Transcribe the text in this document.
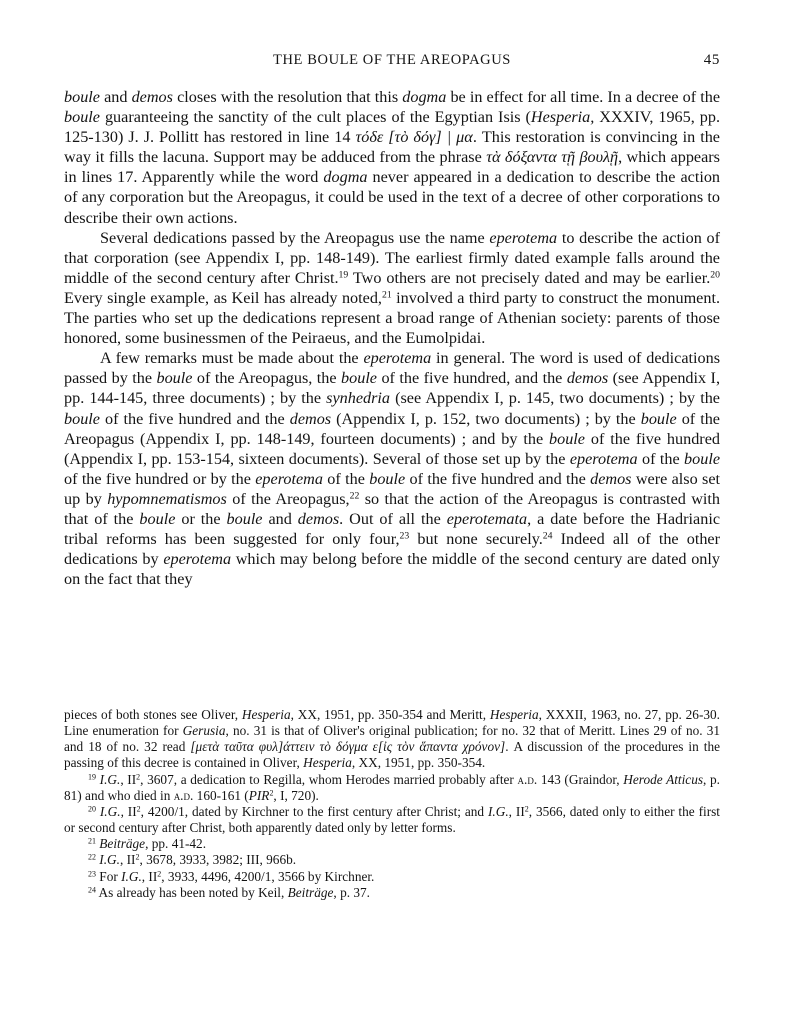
THE BOULE OF THE AREOPAGUS	45

boule and demos closes with the resolution that this dogma be in effect for all time. In a decree of the boule guaranteeing the sanctity of the cult places of the Egyptian Isis (Hesperia, XXXIV, 1965, pp. 125-130) J. J. Pollitt has restored in line 14 τόδε [τὸ δόγ] | μα. This restoration is convincing in the way it fills the lacuna. Support may be adduced from the phrase τὰ δόξαντα τῇ βουλῇ, which appears in lines 17. Apparently while the word dogma never appeared in a dedication to describe the action of any corporation but the Areopagus, it could be used in the text of a decree of other corporations to describe their own actions.

Several dedications passed by the Areopagus use the name eperotema to describe the action of that corporation (see Appendix I, pp. 148-149). The earliest firmly dated example falls around the middle of the second century after Christ.$^{19}$ Two others are not precisely dated and may be earlier.$^{20}$ Every single example, as Keil has already noted,$^{21}$ involved a third party to construct the monument. The parties who set up the dedications represent a broad range of Athenian society: parents of those honored, some businessmen of the Peiraeus, and the Eumolpidai.

A few remarks must be made about the eperotema in general. The word is used of dedications passed by the boule of the Areopagus, the boule of the five hundred, and the demos (see Appendix I, pp. 144-145, three documents) ; by the synhedria (see Appendix I, p. 145, two documents) ; by the boule of the five hundred and the demos (Appendix I, p. 152, two documents) ; by the boule of the Areopagus (Appendix I, pp. 148-149, fourteen documents) ; and by the boule of the five hundred (Appendix I, pp. 153-154, sixteen documents). Several of those set up by the eperotema of the boule of the five hundred or by the eperotema of the boule of the five hundred and the demos were also set up by hypomnematismos of the Areopagus,$^{22}$ so that the action of the Areopagus is contrasted with that of the boule or the boule and demos. Out of all the eperotemata, a date before the Hadrianic tribal reforms has been suggested for only four,$^{23}$ but none securely.$^{24}$ Indeed all of the other dedications by eperotema which may belong before the middle of the second century are dated only on the fact that they

pieces of both stones see Oliver, Hesperia, XX, 1951, pp. 350-354 and Meritt, Hesperia, XXXII, 1963, no. 27, pp. 26-30. Line enumeration for Gerusia, no. 31 is that of Oliver's original publication; for no. 32 that of Meritt. Lines 29 of no. 31 and 18 of no. 32 read [μετὰ ταῦτα φυλ]άττειν τὸ δόγμα ε[ἰς τὸν ἅπαντα χρόνον]. A discussion of the procedures in the passing of this decree is contained in Oliver, Hesperia, XX, 1951, pp. 350-354.

$^{19}$ I.G., $II^2$, 3607, a dedication to Regilla, whom Herodes married probably after a.d. 143 (Graindor, Herode Atticus, p. 81) and who died in a.d. 160-161 (PIR$^2$, I, 720).

$^{20}$ I.G., $II^2$, 4200/1, dated by Kirchner to the first century after Christ; and I.G., $II^2$, 3566, dated only to either the first or second century after Christ, both apparently dated only by letter forms.

$^{21}$ Beiträge, pp. 41-42.

$^{22}$ I.G., $II^2$, 3678, 3933, 3982; III, 966b.

$^{23}$ For I.G., $II^2$, 3933, 4496, 4200/1, 3566 by Kirchner.

$^{24}$ As already has been noted by Keil, Beiträge, p. 37.
